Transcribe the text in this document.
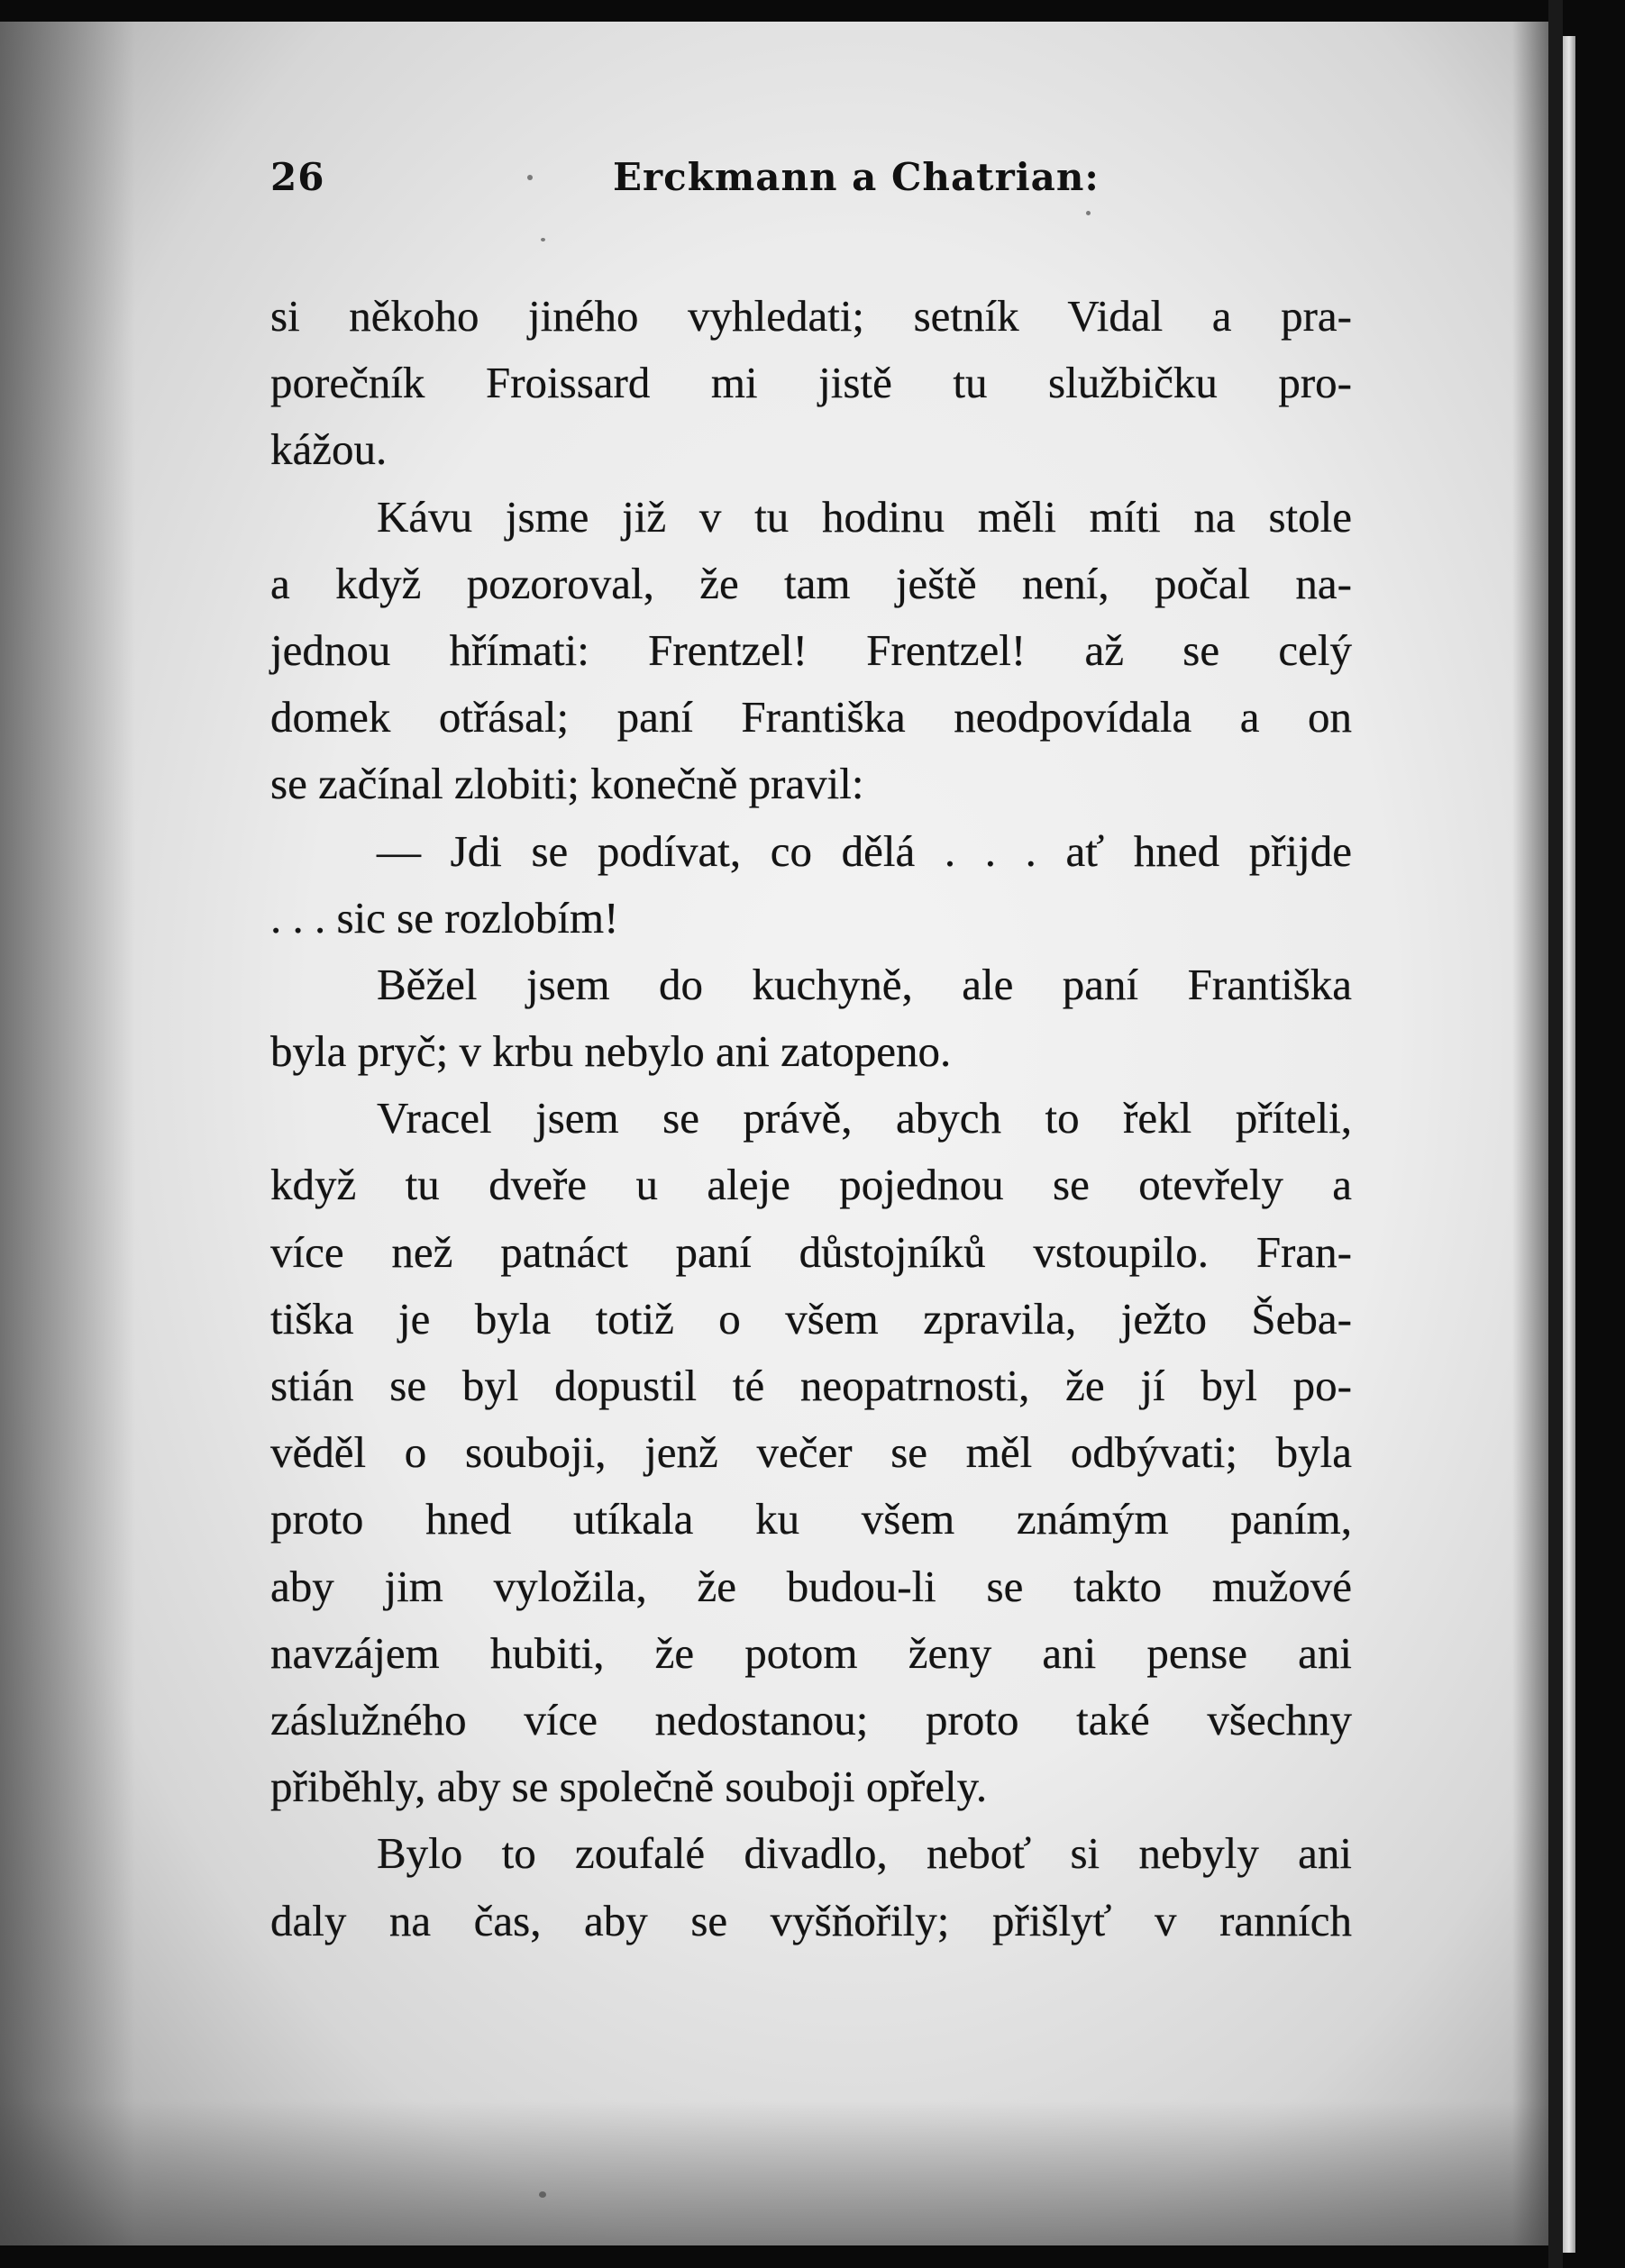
26	Erckmann a Chatrian:
si někoho jiného vyhledati; setník Vidal a pra-
porečník Froissard mi jistě tu službičku pro-
kážou.
Kávu jsme již v tu hodinu měli míti na stole
a když pozoroval, že tam ještě není, počal na-
jednou hřímati: Frentzel! Frentzel! až se celý
domek otřásal; paní Františka neodpovídala a on
se začínal zlobiti; konečně pravil:
— Jdi se podívat, co dělá . . . ať hned přijde
. . . sic se rozlobím!
Běžel jsem do kuchyně, ale paní Františka
byla pryč; v krbu nebylo ani zatopeno.
Vracel jsem se právě, abych to řekl příteli,
když tu dveře u aleje pojednou se otevřely a
více než patnáct paní důstojníků vstoupilo. Fran-
tiška je byla totiž o všem zpravila, ježto Šeba-
stián se byl dopustil té neopatrnosti, že jí byl po-
věděl o souboji, jenž večer se měl odbývati; byla
proto hned utíkala ku všem známým paním,
aby jim vyložila, že budou-li se takto mužové
navzájem hubiti, že potom ženy ani pense ani
záslužného více nedostanou; proto také všechny
přiběhly, aby se společně souboji opřely.
Bylo to zoufalé divadlo, neboť si nebyly ani
daly na čas, aby se vyšňořily; přišlyť v ranních
